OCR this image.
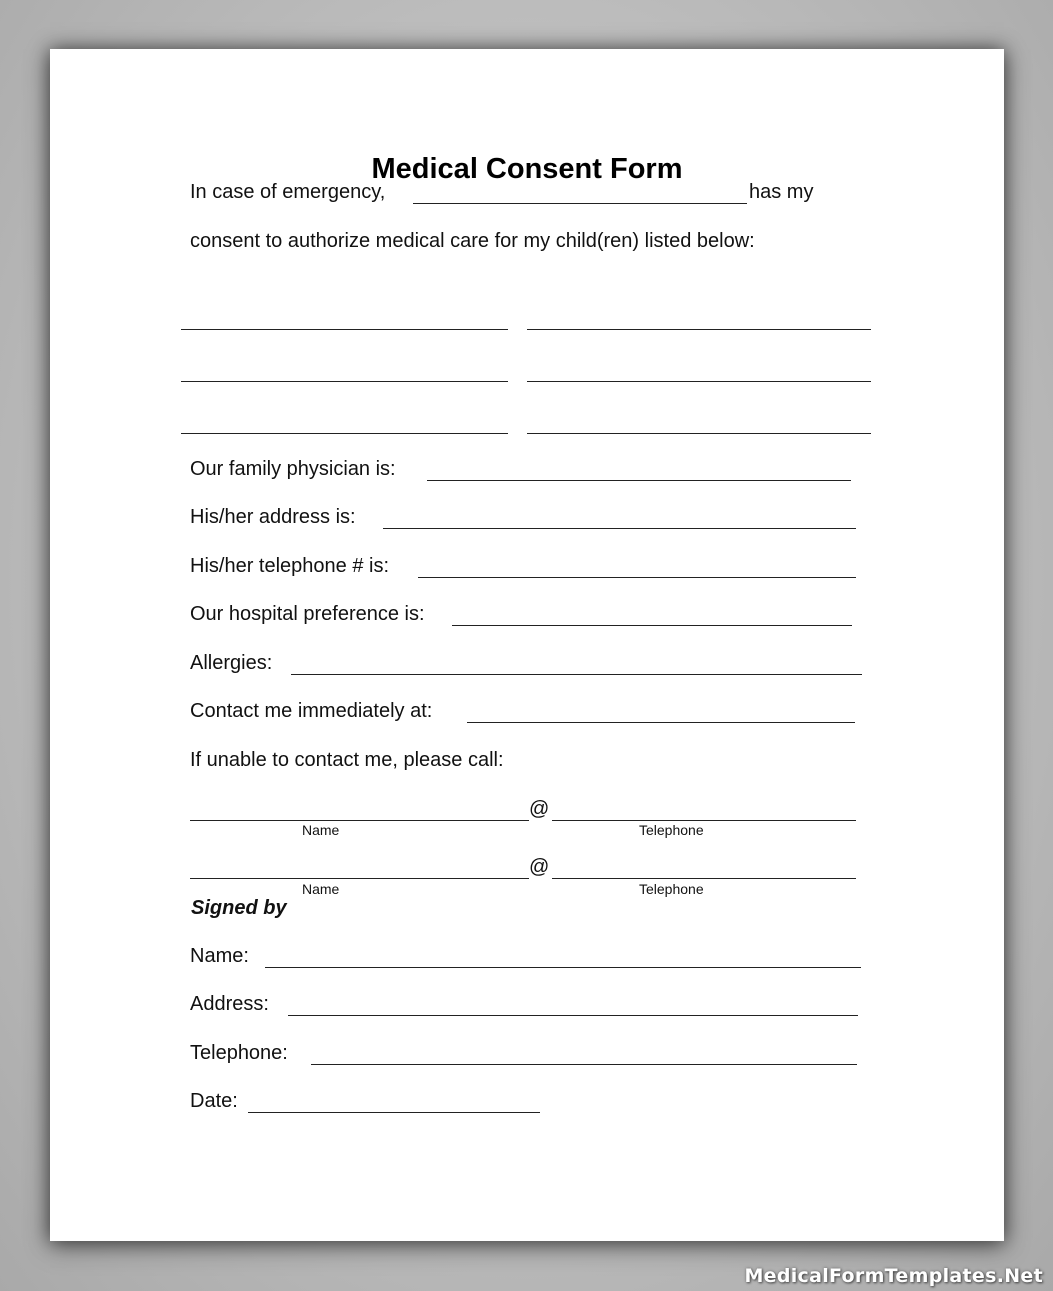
Medical Consent Form
In case of emergency,	has my
consent to authorize medical care for my child(ren) listed below:
Our family physician is:
His/her address is:
His/her telephone # is:
Our hospital preference is:
Allergies:
Contact me immediately at:
If unable to contact me, please call:
@
Name	Telephone
@
Name	Telephone
Signed by
Name:
Address:
Telephone:
Date:
MedicalFormTemplates.Net
